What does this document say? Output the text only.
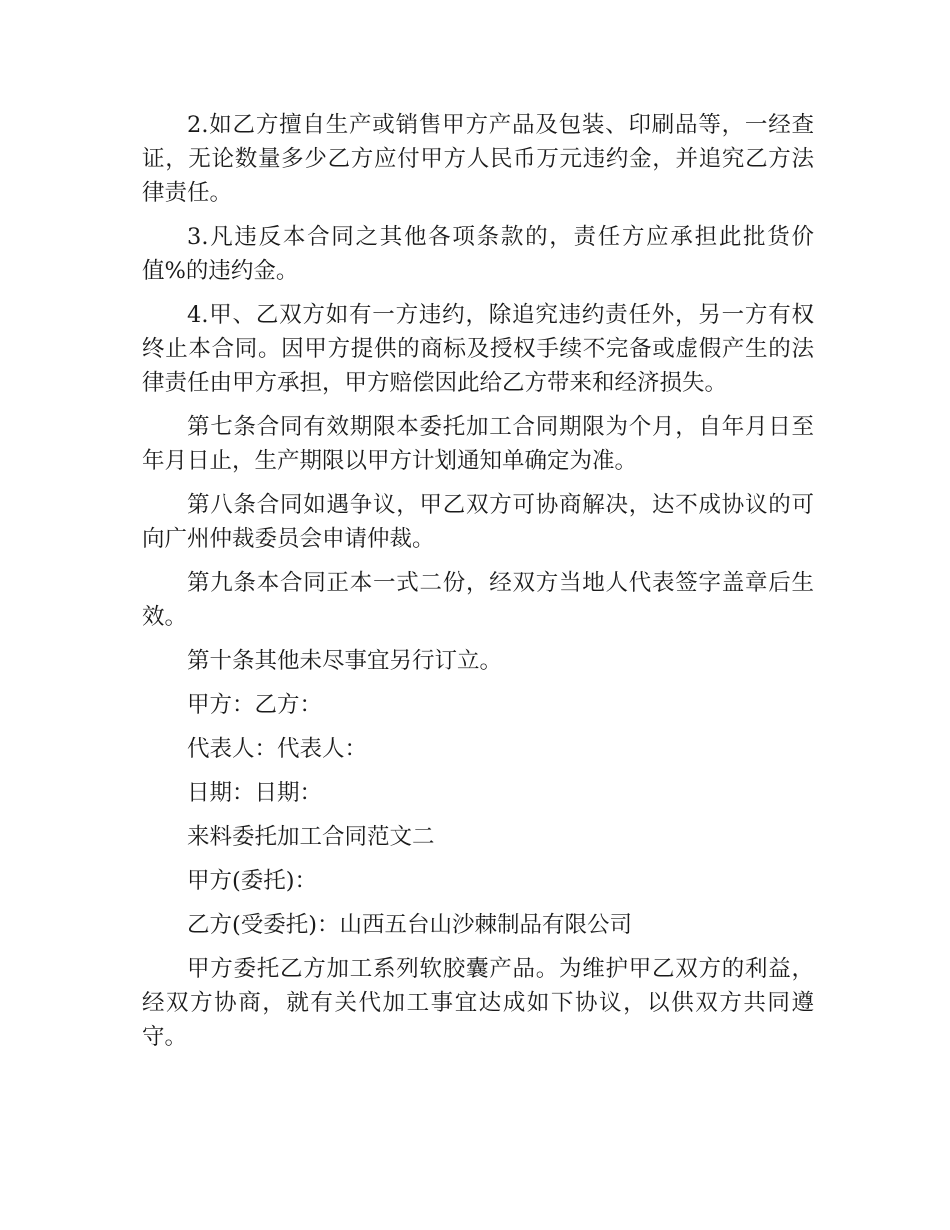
2.如乙方擅自生产或销售甲方产品及包装、印刷品等，一经查证，无论数量多少乙方应付甲方人民币万元违约金，并追究乙方法律责任。

3.凡违反本合同之其他各项条款的，责任方应承担此批货价值%的违约金。

4.甲、乙双方如有一方违约，除追究违约责任外，另一方有权终止本合同。因甲方提供的商标及授权手续不完备或虚假产生的法律责任由甲方承担，甲方赔偿因此给乙方带来和经济损失。

第七条合同有效期限本委托加工合同期限为个月，自年月日至年月日止，生产期限以甲方计划通知单确定为准。

第八条合同如遇争议，甲乙双方可协商解决，达不成协议的可向广州仲裁委员会申请仲裁。

第九条本合同正本一式二份，经双方当地人代表签字盖章后生效。

第十条其他未尽事宜另行订立。

甲方：乙方：

代表人：代表人：

日期：日期：

来料委托加工合同范文二

甲方(委托)：

乙方(受委托)：山西五台山沙棘制品有限公司

甲方委托乙方加工系列软胶囊产品。为维护甲乙双方的利益，经双方协商，就有关代加工事宜达成如下协议，以供双方共同遵守。
